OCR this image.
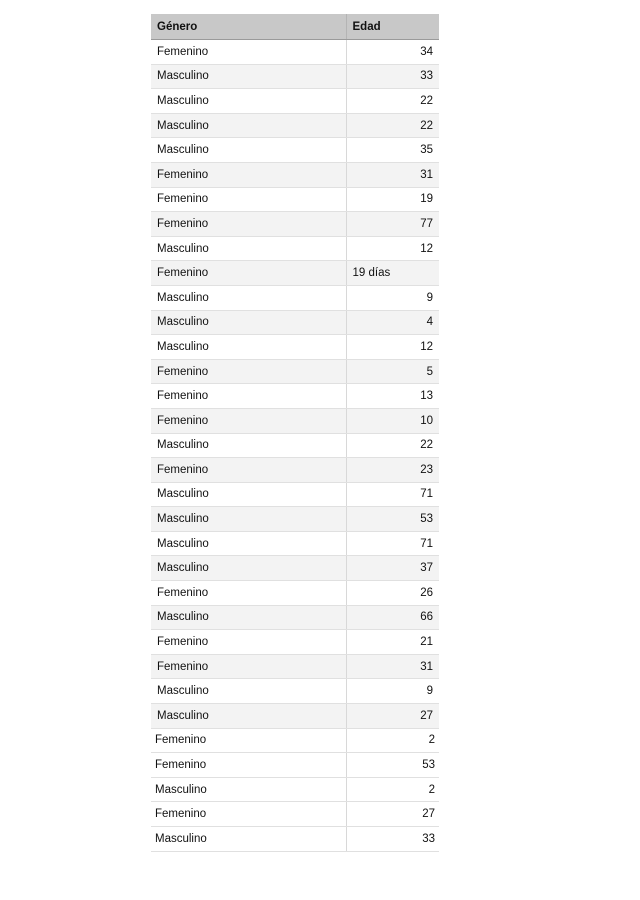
Género	Edad
Femenino	34
Masculino	33
Masculino	22
Masculino	22
Masculino	35
Femenino	31
Femenino	19
Femenino	77
Masculino	12
Femenino	19 días
Masculino	9
Masculino	4
Masculino	12
Femenino	5
Femenino	13
Femenino	10
Masculino	22
Femenino	23
Masculino	71
Masculino	53
Masculino	71
Masculino	37
Femenino	26
Masculino	66
Femenino	21
Femenino	31
Masculino	9
Masculino	27
Femenino	2
Femenino	53
Masculino	2
Femenino	27
Masculino	33
